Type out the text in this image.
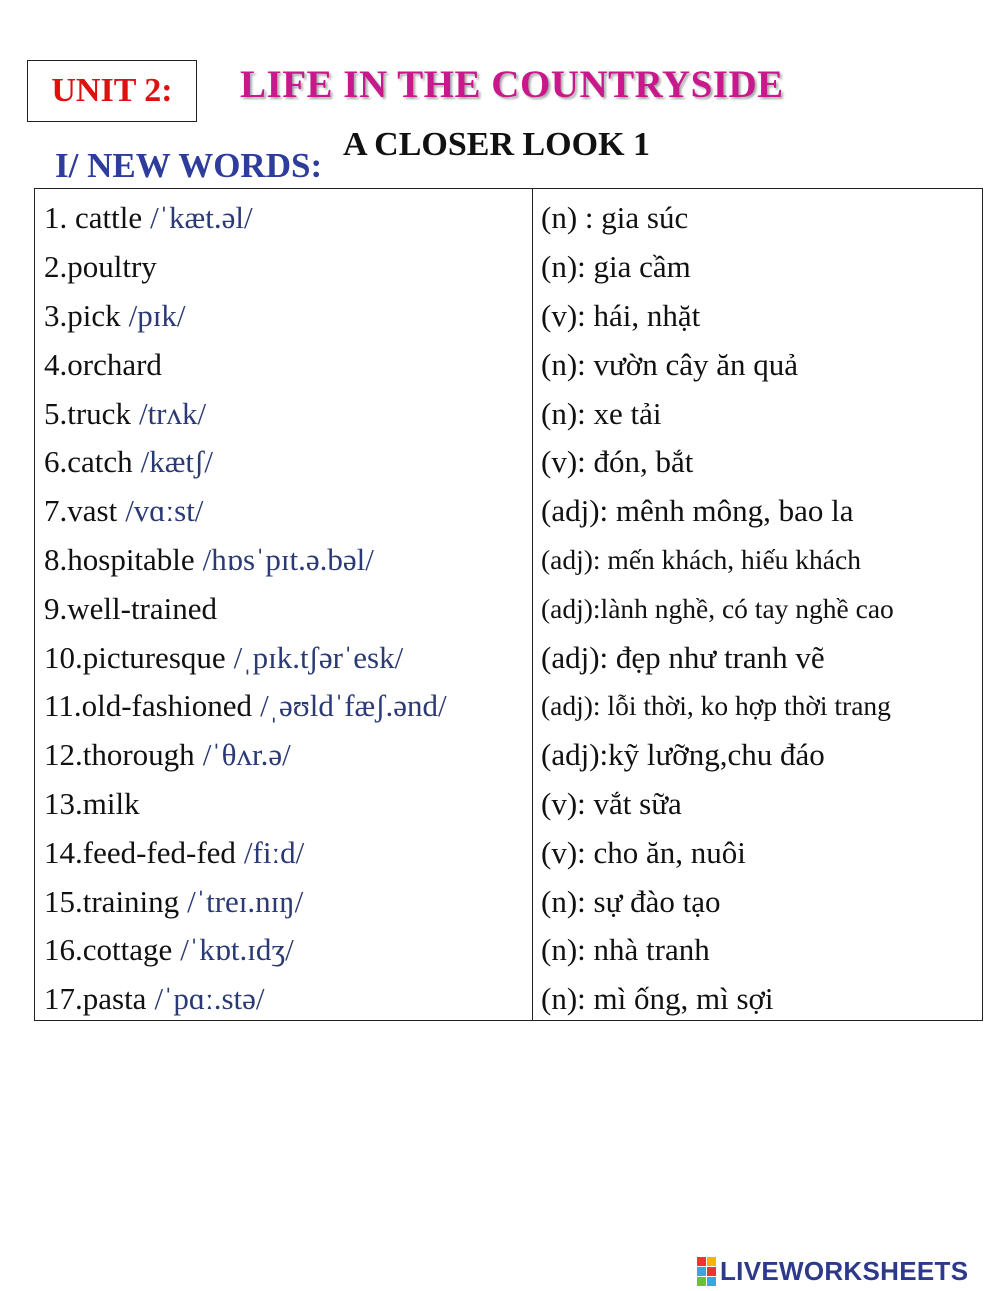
UNIT 2: LIFE IN THE COUNTRYSIDE
A CLOSER LOOK 1
I/ NEW WORDS:
1. cattle /ˈkæt.əl/
2.poultry
3.pick /pɪk/
4.orchard
5.truck /trʌk/
6.catch /kætʃ/
7.vast /vɑːst/
8.hospitable /hɒsˈpɪt.ə.bəl/
9.well-trained
10.picturesque /ˌpɪk.tʃərˈesk/
11.old-fashioned /ˌəʊldˈfæʃ.ənd/
12.thorough /ˈθʌr.ə/
13.milk
14.feed-fed-fed /fiːd/
15.training /ˈtreɪ.nɪŋ/
16.cottage /ˈkɒt.ɪdʒ/
17.pasta /ˈpɑː.stə/
(n) : gia súc
(n): gia cầm
(v): hái, nhặt
(n): vườn cây ăn quả
(n): xe tải
(v): đón, bắt
(adj): mênh mông, bao la
(adj): mến khách, hiếu khách
(adj):lành nghề, có tay nghề cao
(adj): đẹp như tranh vẽ
(adj): lỗi thời, ko hợp thời trang
(adj):kỹ lưỡng,chu đáo
(v): vắt sữa
(v): cho ăn, nuôi
(n): sự đào tạo
(n): nhà tranh
(n): mì ống, mì sợi
LIVEWORKSHEETS
